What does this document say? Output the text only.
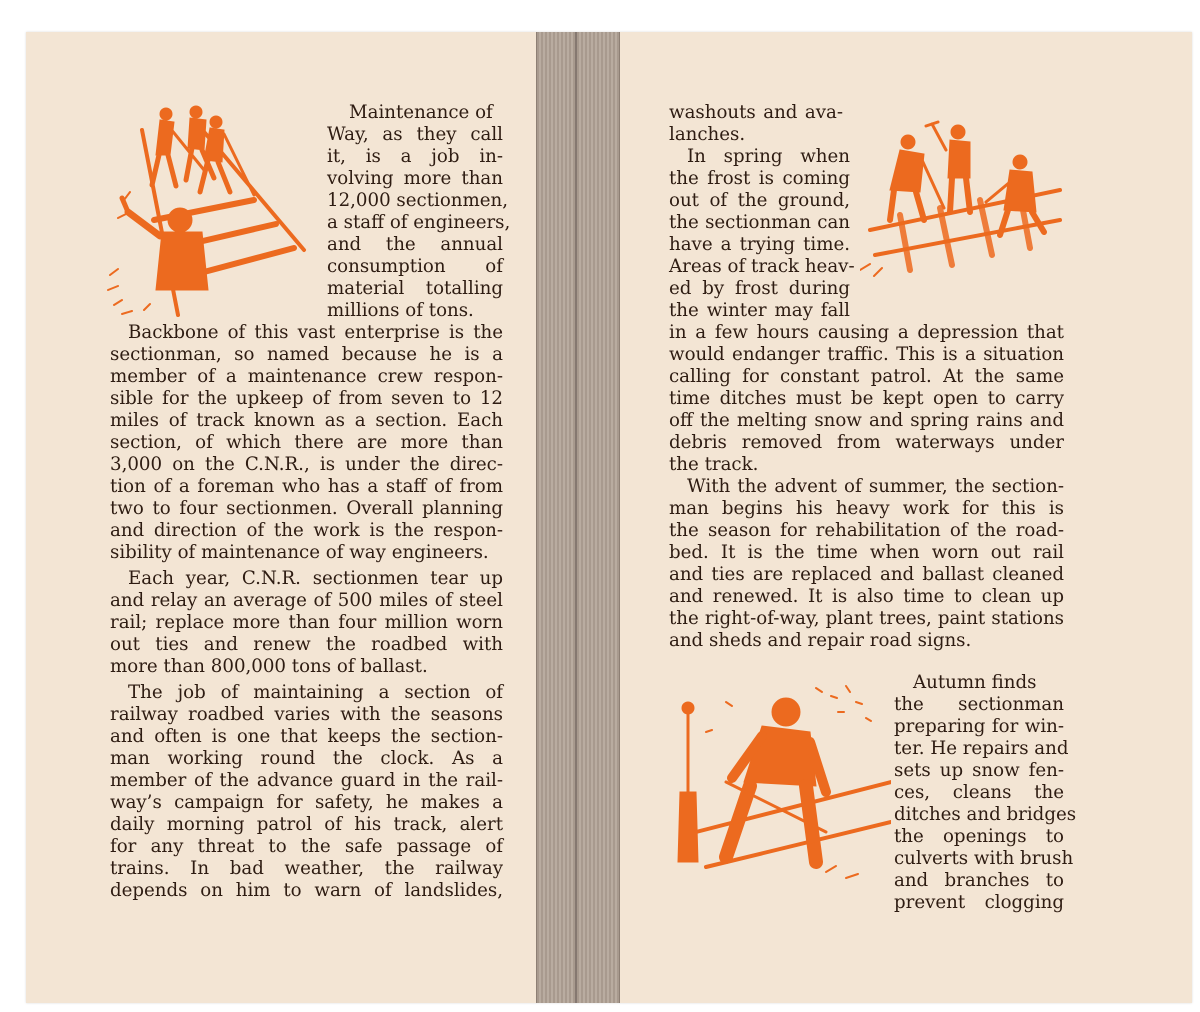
Maintenance of
Way, as they call
it, is a job in-
volving more than
12,000 sectionmen,
a staff of engineers,
and the annual
consumption of
material totalling
millions of tons.
Backbone of this vast enterprise is the
sectionman, so named because he is a
member of a maintenance crew respon-
sible for the upkeep of from seven to 12
miles of track known as a section. Each
section, of which there are more than
3,000 on the C.N.R., is under the direc-
tion of a foreman who has a staff of from
two to four sectionmen. Overall planning
and direction of the work is the respon-
sibility of maintenance of way engineers.
Each year, C.N.R. sectionmen tear up
and relay an average of 500 miles of steel
rail; replace more than four million worn
out ties and renew the roadbed with
more than 800,000 tons of ballast.
The job of maintaining a section of
railway roadbed varies with the seasons
and often is one that keeps the section-
man working round the clock. As a
member of the advance guard in the rail-
way’s campaign for safety, he makes a
daily morning patrol of his track, alert
for any threat to the safe passage of
trains. In bad weather, the railway
depends on him to warn of landslides,
washouts and ava-
lanches.
In spring when
the frost is coming
out of the ground,
the sectionman can
have a trying time.
Areas of track heav-
ed by frost during
the winter may fall
in a few hours causing a depression that
would endanger traffic. This is a situation
calling for constant patrol. At the same
time ditches must be kept open to carry
off the melting snow and spring rains and
debris removed from waterways under
the track.
With the advent of summer, the section-
man begins his heavy work for this is
the season for rehabilitation of the road-
bed. It is the time when worn out rail
and ties are replaced and ballast cleaned
and renewed. It is also time to clean up
the right-of-way, plant trees, paint stations
and sheds and repair road signs.
Autumn finds
the sectionman
preparing for win-
ter. He repairs and
sets up snow fen-
ces, cleans the
ditches and bridges
the openings to
culverts with brush
and branches to
prevent clogging
